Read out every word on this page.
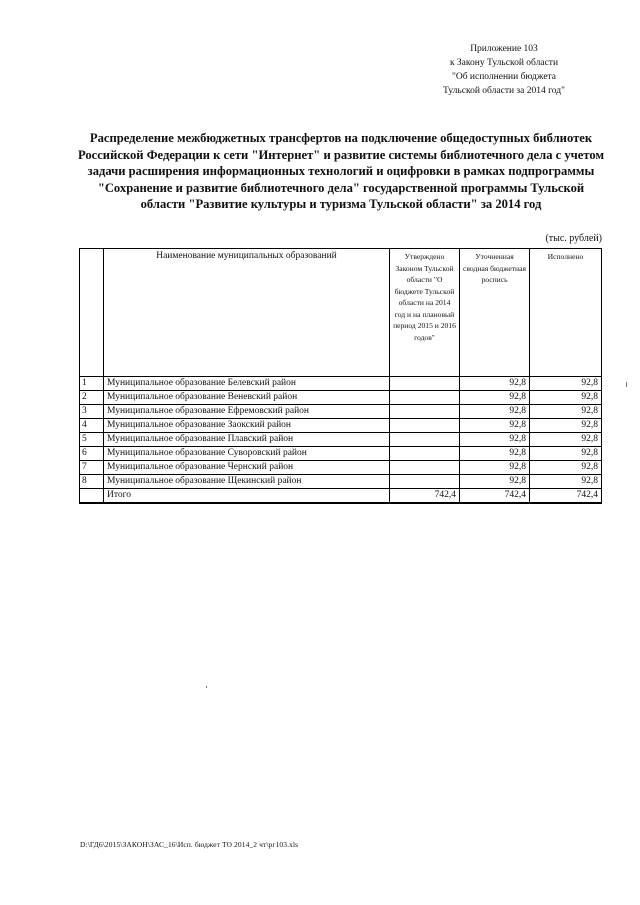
Приложение 103
к Закону Тульской области
"Об исполнении бюджета
Тульской области за 2014 год"
Распределение межбюджетных трансфертов на подключение общедоступных библиотек Российской Федерации к сети "Интернет" и развитие системы библиотечного дела с учетом задачи расширения информационных технологий и оцифровки в рамках подпрограммы "Сохранение и развитие библиотечного дела" государственной программы Тульской области "Развитие культуры и туризма Тульской области" за 2014 год
(тыс. рублей)
	Наименование муниципальных образований	Утверждено Законом Тульской области "О бюджете Тульской области на 2014 год и на плановый период 2015 и 2016 годов"	Уточненная сводная бюджетная роспись	Исполнено
1	Муниципальное образование Белевский район		92,8	92,8
2	Муниципальное образование Веневский район		92,8	92,8
3	Муниципальное образование Ефремовский район		92,8	92,8
4	Муниципальное образование Заокский район		92,8	92,8
5	Муниципальное образование Плавский район		92,8	92,8
6	Муниципальное образование Суворовский район		92,8	92,8
7	Муниципальное образование Чернский район		92,8	92,8
8	Муниципальное образование Щекинский район		92,8	92,8
	Итого	742,4	742,4	742,4
D:\ГД6\2015\ЗАКОН\ЗАС_16\Исп. бюджет ТО 2014_2 чт\рг103.xls
